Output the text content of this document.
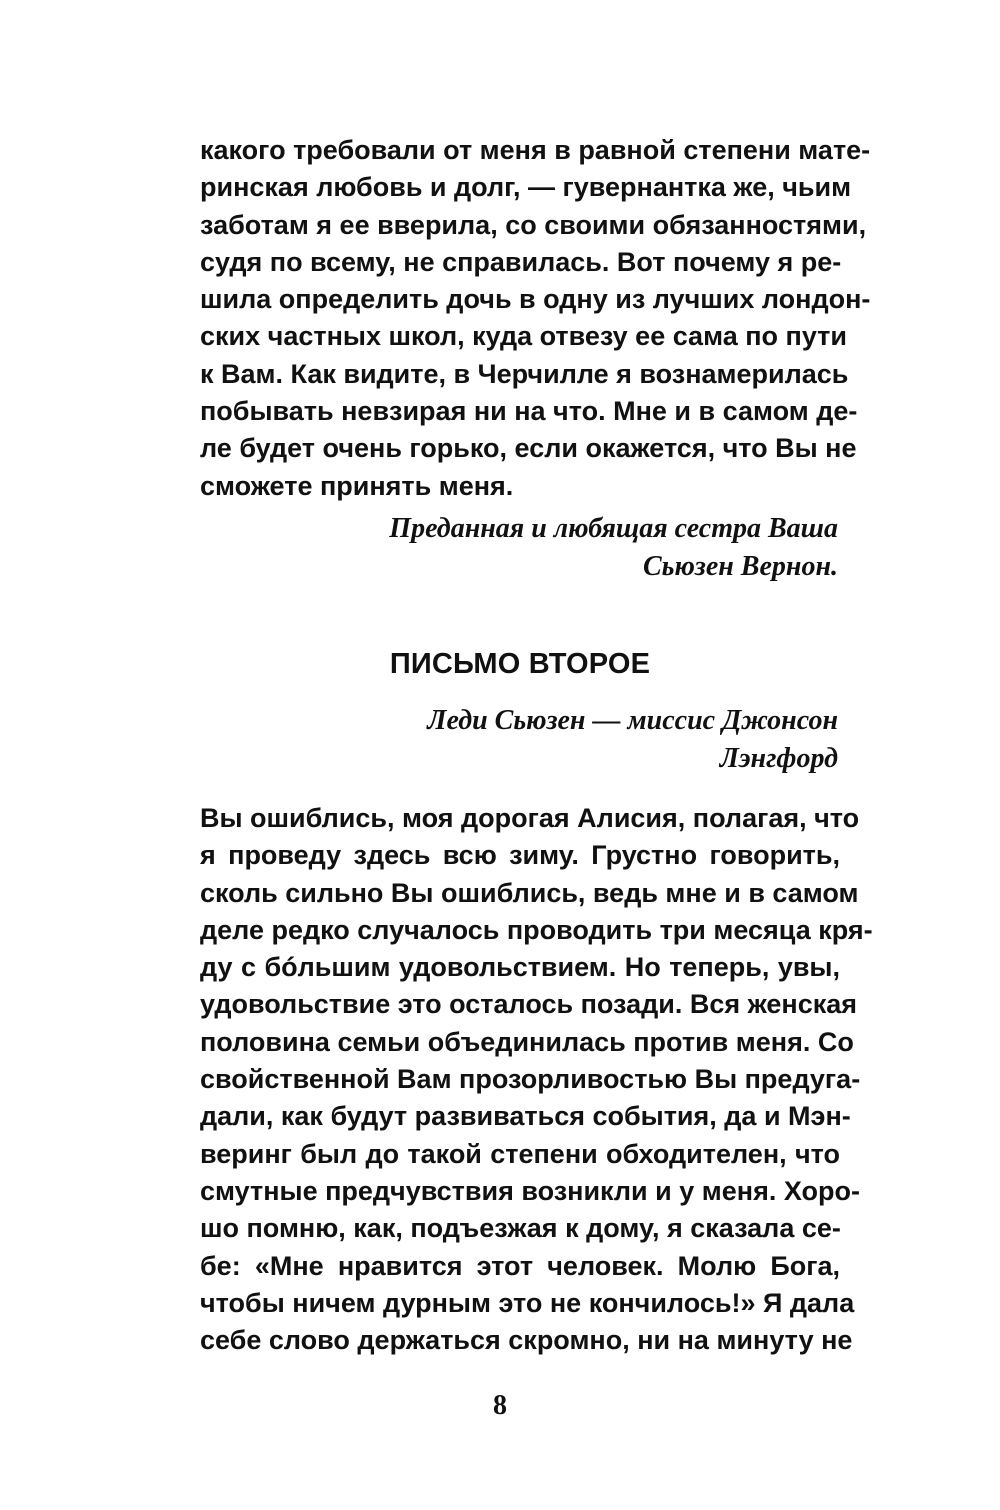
какого требовали от меня в равной степени мате-
ринская любовь и долг, — гувернантка же, чьим
заботам я ее вверила, со своими обязанностями,
судя по всему, не справилась. Вот почему я ре-
шила определить дочь в одну из лучших лондон-
ских частных школ, куда отвезу ее сама по пути
к Вам. Как видите, в Черчилле я вознамерилась
побывать невзирая ни на что. Мне и в самом де-
ле будет очень горько, если окажется, что Вы не
сможете принять меня.
Преданная и любящая сестра Ваша
Сьюзен Вернон.
ПИСЬМО ВТОРОЕ
Леди Сьюзен — миссис Джонсон
Лэнгфорд
Вы ошиблись, моя дорогая Алисия, полагая, что
я проведу здесь всю зиму. Грустно говорить,
сколь сильно Вы ошиблись, ведь мне и в самом
деле редко случалось проводить три месяца кря-
ду с бóльшим удовольствием. Но теперь, увы,
удовольствие это осталось позади. Вся женская
половина семьи объединилась против меня. Со
свойственной Вам прозорливостью Вы предуга-
дали, как будут развиваться события, да и Мэн-
веринг был до такой степени обходителен, что
смутные предчувствия возникли и у меня. Хоро-
шо помню, как, подъезжая к дому, я сказала се-
бе: «Мне нравится этот человек. Молю Бога,
чтобы ничем дурным это не кончилось!» Я дала
себе слово держаться скромно, ни на минуту не
8
